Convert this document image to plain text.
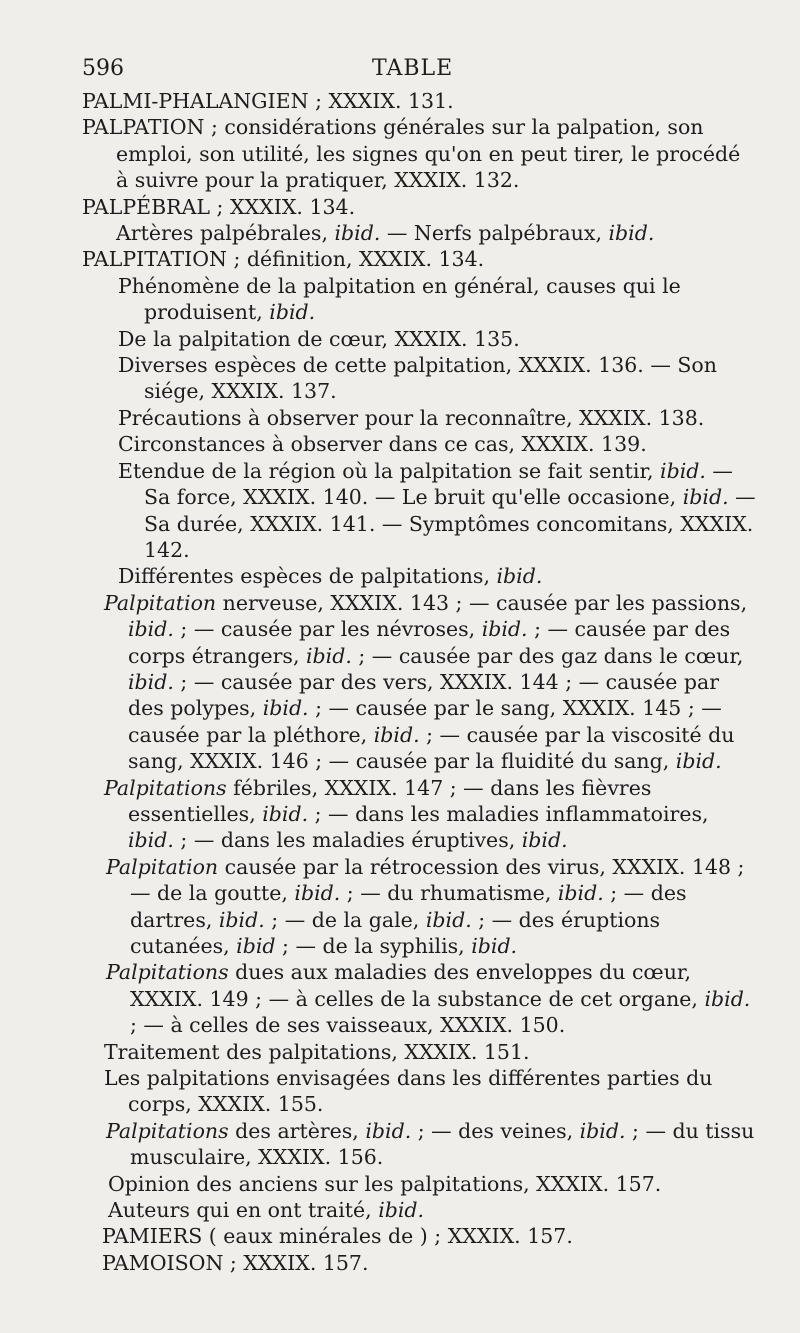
596	TABLE

PALMI-PHALANGIEN ; XXXIX. 131.

PALPATION ; considérations générales sur la palpation, son emploi, son utilité, les signes qu'on en peut tirer, le procédé à suivre pour la pratiquer, XXXIX. 132.

PALPÉBRAL ; XXXIX. 134.

Artères palpébrales, ibid. — Nerfs palpébraux, ibid.

PALPITATION ; définition, XXXIX. 134.

Phénomène de la palpitation en général, causes qui le produisent, ibid.

De la palpitation de cœur, XXXIX. 135.

Diverses espèces de cette palpitation, XXXIX. 136. — Son siége, XXXIX. 137.

Précautions à observer pour la reconnaître, XXXIX. 138.

Circonstances à observer dans ce cas, XXXIX. 139.

Etendue de la région où la palpitation se fait sentir, ibid. — Sa force, XXXIX. 140. — Le bruit qu'elle occasione, ibid. — Sa durée, XXXIX. 141. — Symptômes concomitans, XXXIX. 142.

Différentes espèces de palpitations, ibid.

Palpitation nerveuse, XXXIX. 143 ; — causée par les passions, ibid. ; — causée par les névroses, ibid. ; — causée par des corps étrangers, ibid. ; — causée par des gaz dans le cœur, ibid. ; — causée par des vers, XXXIX. 144 ; — causée par des polypes, ibid. ; — causée par le sang, XXXIX. 145 ; — causée par la pléthore, ibid. ; — causée par la viscosité du sang, XXXIX. 146 ; — causée par la fluidité du sang, ibid.

Palpitations fébriles, XXXIX. 147 ; — dans les fièvres essentielles, ibid. ; — dans les maladies inflammatoires, ibid. ; — dans les maladies éruptives, ibid.

Palpitation causée par la rétrocession des virus, XXXIX. 148 ; — de la goutte, ibid. ; — du rhumatisme, ibid. ; — des dartres, ibid. ; — de la gale, ibid. ; — des éruptions cutanées, ibid ; — de la syphilis, ibid.

Palpitations dues aux maladies des enveloppes du cœur, XXXIX. 149 ; — à celles de la substance de cet organe, ibid. ; — à celles de ses vaisseaux, XXXIX. 150.

Traitement des palpitations, XXXIX. 151.

Les palpitations envisagées dans les différentes parties du corps, XXXIX. 155.

Palpitations des artères, ibid. ; — des veines, ibid. ; — du tissu musculaire, XXXIX. 156.

Opinion des anciens sur les palpitations, XXXIX. 157.

Auteurs qui en ont traité, ibid.

PAMIERS ( eaux minérales de ) ; XXXIX. 157.

PAMOISON ; XXXIX. 157.
